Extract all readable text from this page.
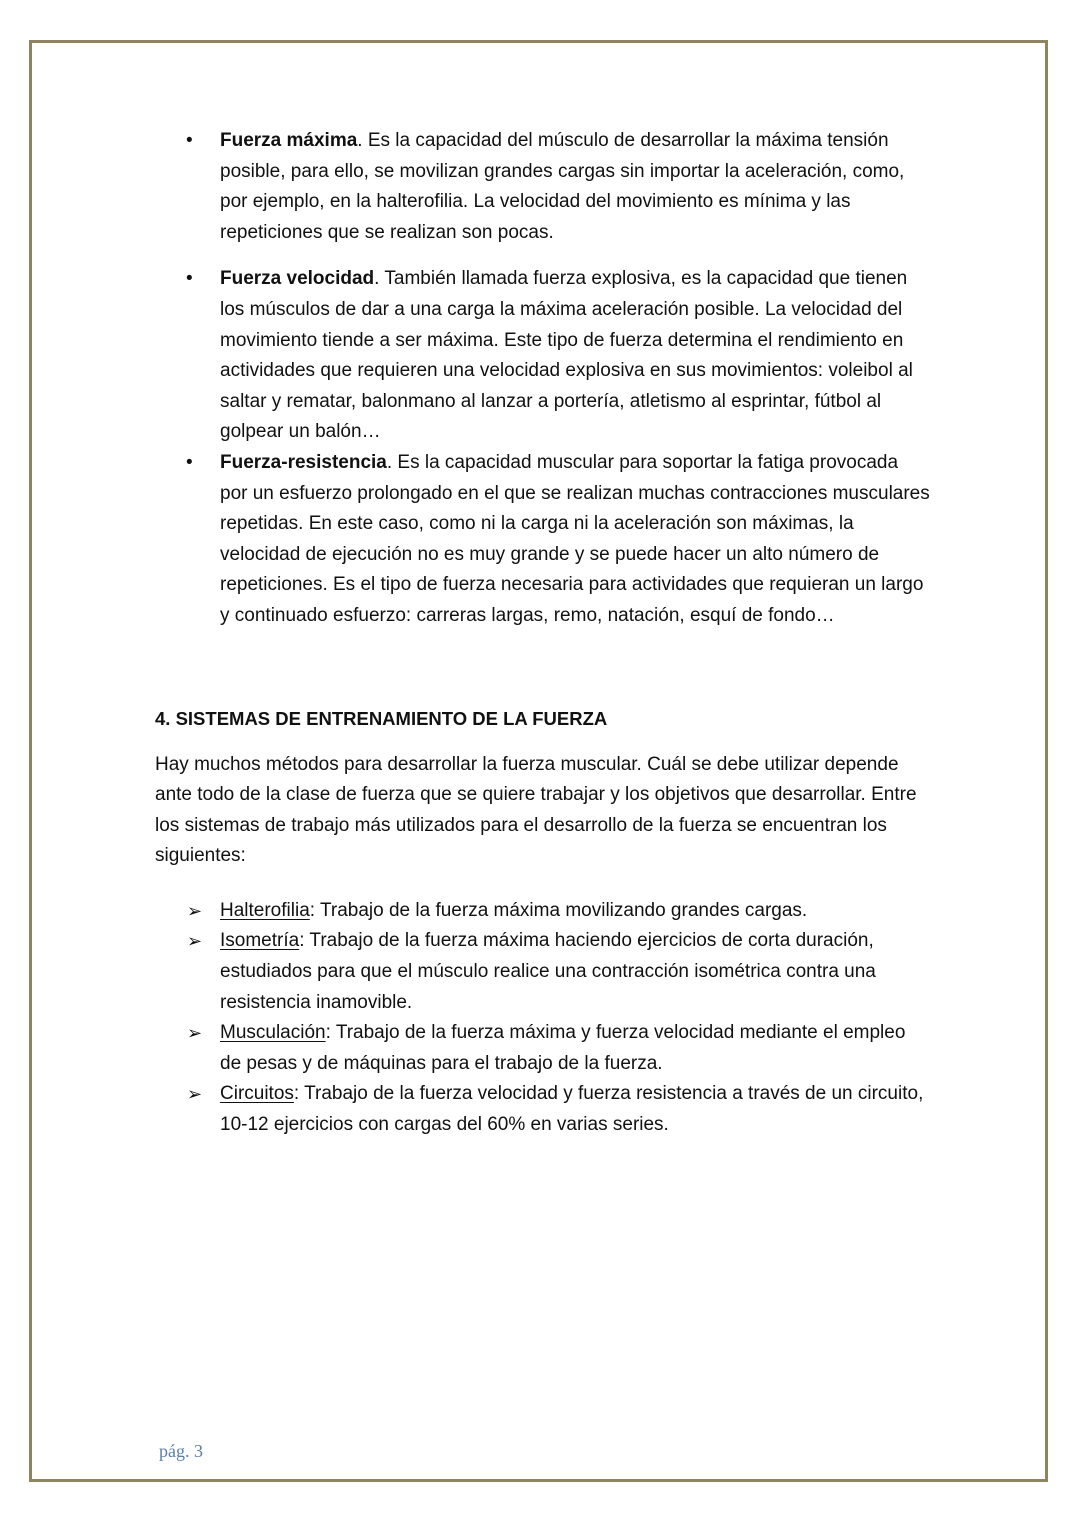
• Fuerza máxima. Es la capacidad del músculo de desarrollar la máxima tensión posible, para ello, se movilizan grandes cargas sin importar la aceleración, como, por ejemplo, en la halterofilia. La velocidad del movimiento es mínima y las repeticiones que se realizan son pocas.
• Fuerza velocidad. También llamada fuerza explosiva, es la capacidad que tienen los músculos de dar a una carga la máxima aceleración posible. La velocidad del movimiento tiende a ser máxima. Este tipo de fuerza determina el rendimiento en actividades que requieren una velocidad explosiva en sus movimientos: voleibol al saltar y rematar, balonmano al lanzar a portería, atletismo al esprintar, fútbol al golpear un balón…
• Fuerza-resistencia. Es la capacidad muscular para soportar la fatiga provocada por un esfuerzo prolongado en el que se realizan muchas contracciones musculares repetidas. En este caso, como ni la carga ni la aceleración son máximas, la velocidad de ejecución no es muy grande y se puede hacer un alto número de repeticiones. Es el tipo de fuerza necesaria para actividades que requieran un largo y continuado esfuerzo: carreras largas, remo, natación, esquí de fondo…
4. SISTEMAS DE ENTRENAMIENTO DE LA FUERZA

Hay muchos métodos para desarrollar la fuerza muscular. Cuál se debe utilizar depende ante todo de la clase de fuerza que se quiere trabajar y los objetivos que desarrollar. Entre los sistemas de trabajo más utilizados para el desarrollo de la fuerza se encuentran los siguientes:

➢ Halterofilia: Trabajo de la fuerza máxima movilizando grandes cargas.
➢ Isometría: Trabajo de la fuerza máxima haciendo ejercicios de corta duración, estudiados para que el músculo realice una contracción isométrica contra una resistencia inamovible.
➢ Musculación: Trabajo de la fuerza máxima y fuerza velocidad mediante el empleo de pesas y de máquinas para el trabajo de la fuerza.
➢ Circuitos: Trabajo de la fuerza velocidad y fuerza resistencia a través de un circuito, 10-12 ejercicios con cargas del 60% en varias series.
pág. 3
